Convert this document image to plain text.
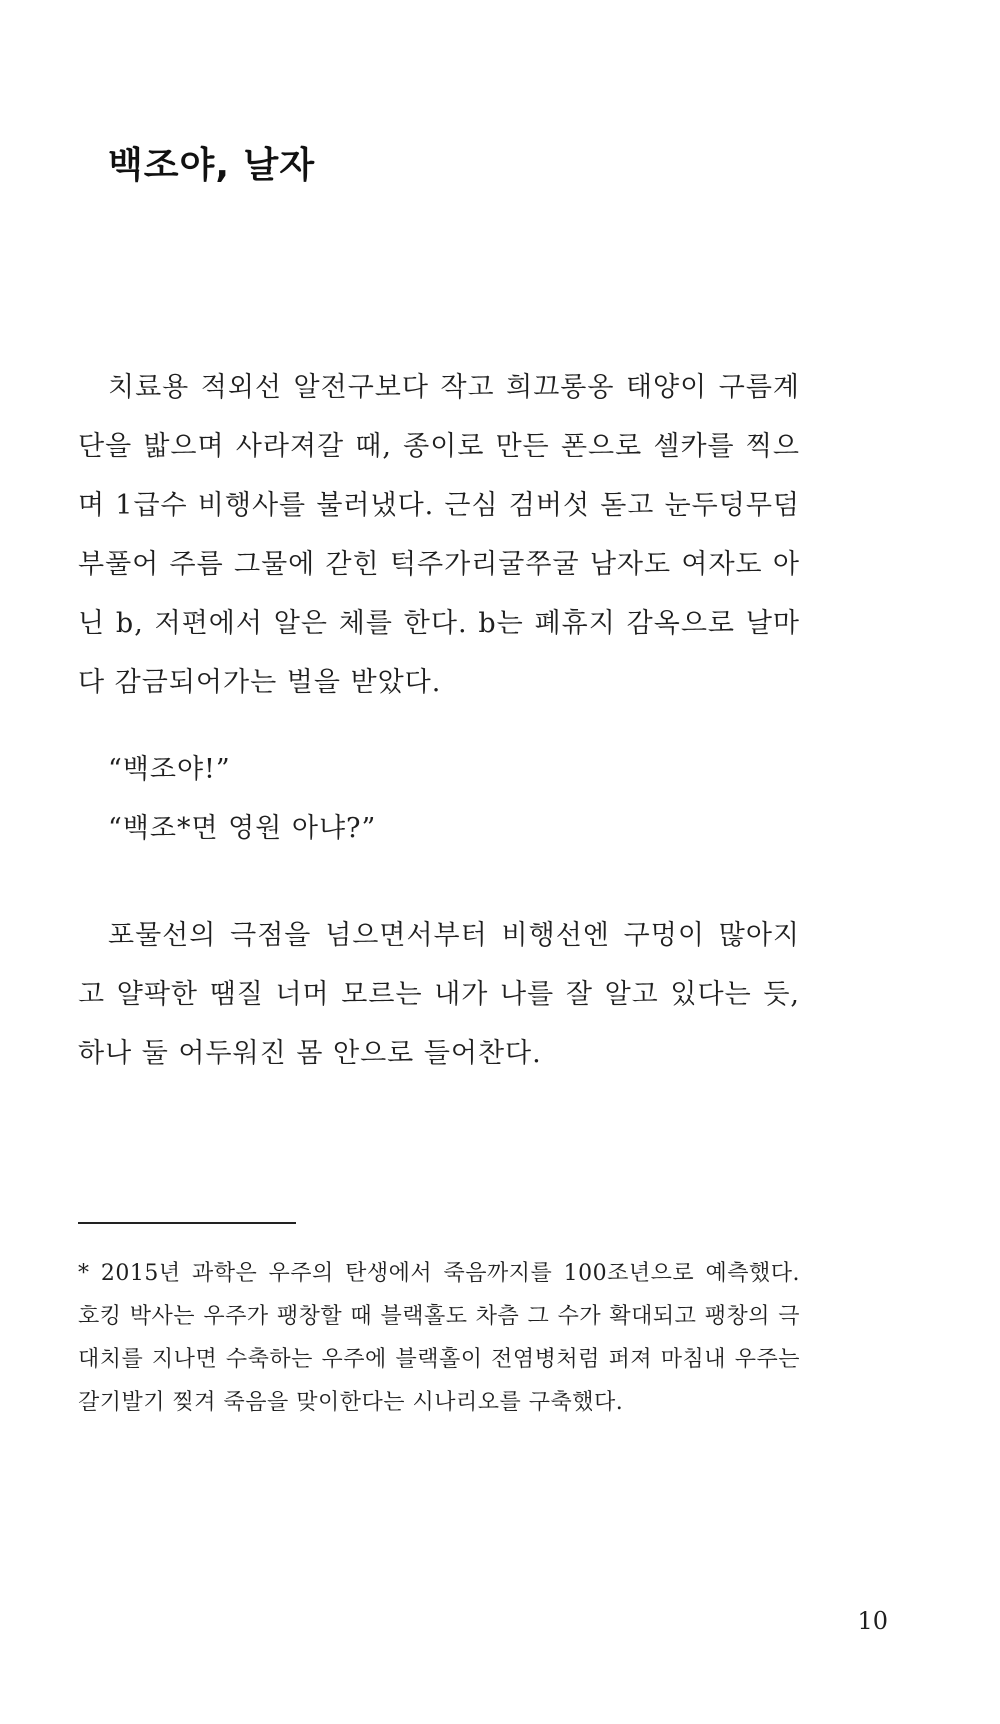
백조야, 날자

치료용 적외선 알전구보다 작고 희끄롱옹 태양이 구름계단을 밟으며 사라져갈 때, 종이로 만든 폰으로 셀카를 찍으며 1급수 비행사를 불러냈다. 근심 검버섯 돋고 눈두덩무덤 부풀어 주름 그물에 갇힌 턱주가리굴쭈굴 남자도 여자도 아닌 b, 저편에서 알은 체를 한다. b는 폐휴지 감옥으로 날마다 감금되어가는 벌을 받았다.

“백조야!”

“백조*면 영원 아냐?”

포물선의 극점을 넘으면서부터 비행선엔 구멍이 많아지고 얄팍한 땜질 너머 모르는 내가 나를 잘 알고 있다는 듯, 하나 둘 어두워진 몸 안으로 들어찬다.

* 2015년 과학은 우주의 탄생에서 죽음까지를 100조년으로 예측했다. 호킹 박사는 우주가 팽창할 때 블랙홀도 차츰 그 수가 확대되고 팽창의 극대치를 지나면 수축하는 우주에 블랙홀이 전염병처럼 퍼져 마침내 우주는 갈기발기 찢겨 죽음을 맞이한다는 시나리오를 구축했다.

10
